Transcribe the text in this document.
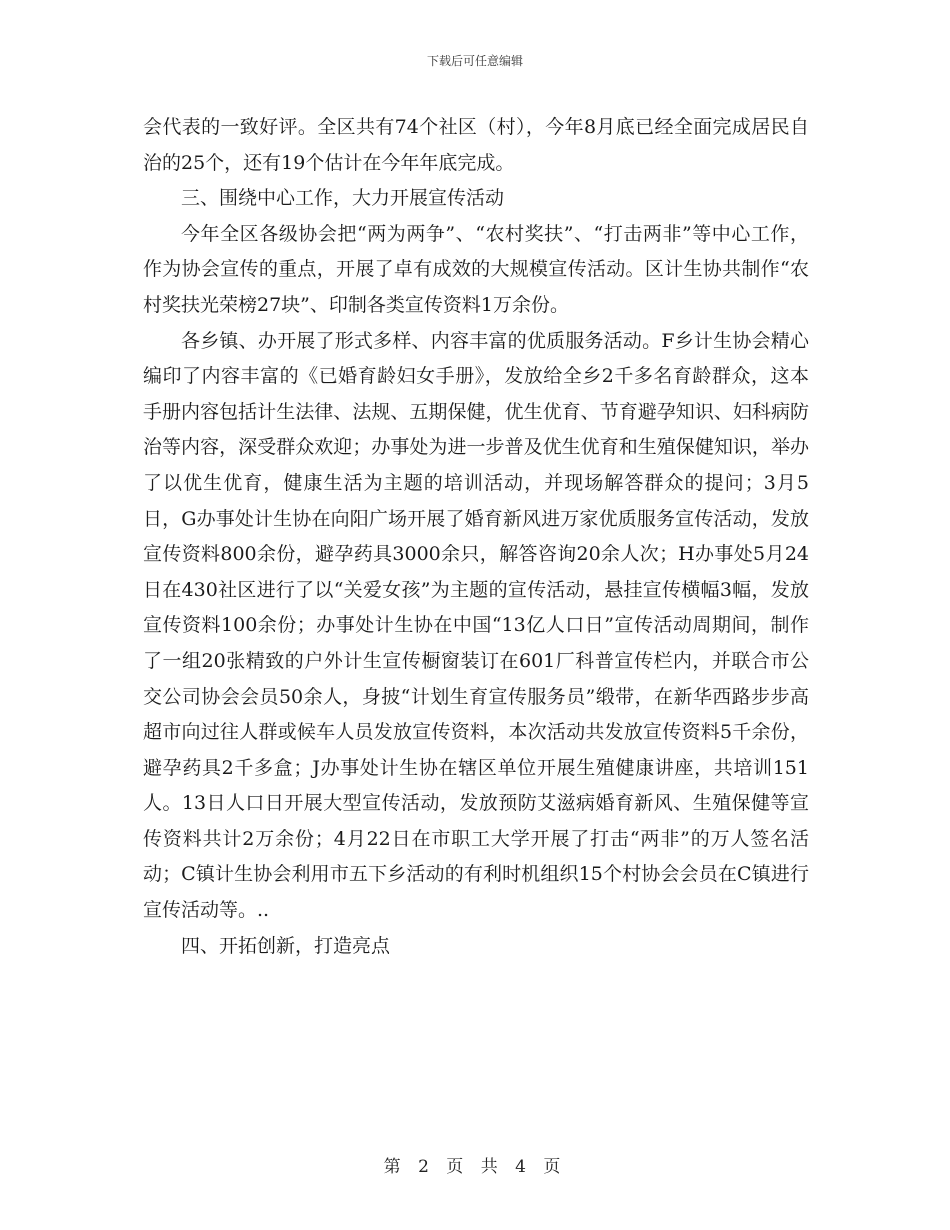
下载后可任意编辑

会代表的一致好评。全区共有74个社区（村），今年8月底已经全面完成居民自治的25个，还有19个估计在今年年底完成。

三、围绕中心工作，大力开展宣传活动

今年全区各级协会把“两为两争”、“农村奖扶”、“打击两非”等中心工作，作为协会宣传的重点，开展了卓有成效的大规模宣传活动。区计生协共制作“农村奖扶光荣榜27块”、印制各类宣传资料1万余份。

各乡镇、办开展了形式多样、内容丰富的优质服务活动。F乡计生协会精心编印了内容丰富的《已婚育龄妇女手册》，发放给全乡2千多名育龄群众，这本手册内容包括计生法律、法规、五期保健，优生优育、节育避孕知识、妇科病防治等内容，深受群众欢迎；办事处为进一步普及优生优育和生殖保健知识，举办了以优生优育，健康生活为主题的培训活动，并现场解答群众的提问；3月5日，G办事处计生协在向阳广场开展了婚育新风进万家优质服务宣传活动，发放宣传资料800余份，避孕药具3000余只，解答咨询20余人次；H办事处5月24日在430社区进行了以“关爱女孩”为主题的宣传活动，悬挂宣传横幅3幅，发放宣传资料100余份；办事处计生协在中国“13亿人口日”宣传活动周期间，制作了一组20张精致的户外计生宣传橱窗装订在601厂科普宣传栏内，并联合市公交公司协会会员50余人，身披“计划生育宣传服务员”缎带，在新华西路步步高超市向过往人群或候车人员发放宣传资料，本次活动共发放宣传资料5千余份，避孕药具2千多盒；J办事处计生协在辖区单位开展生殖健康讲座，共培训151人。13日人口日开展大型宣传活动，发放预防艾滋病婚育新风、生殖保健等宣传资料共计2万余份；4月22日在市职工大学开展了打击“两非”的万人签名活动；C镇计生协会利用市五下乡活动的有利时机组织15个村协会会员在C镇进行宣传活动等。..

四、开拓创新，打造亮点

第 2 页 共 4 页
